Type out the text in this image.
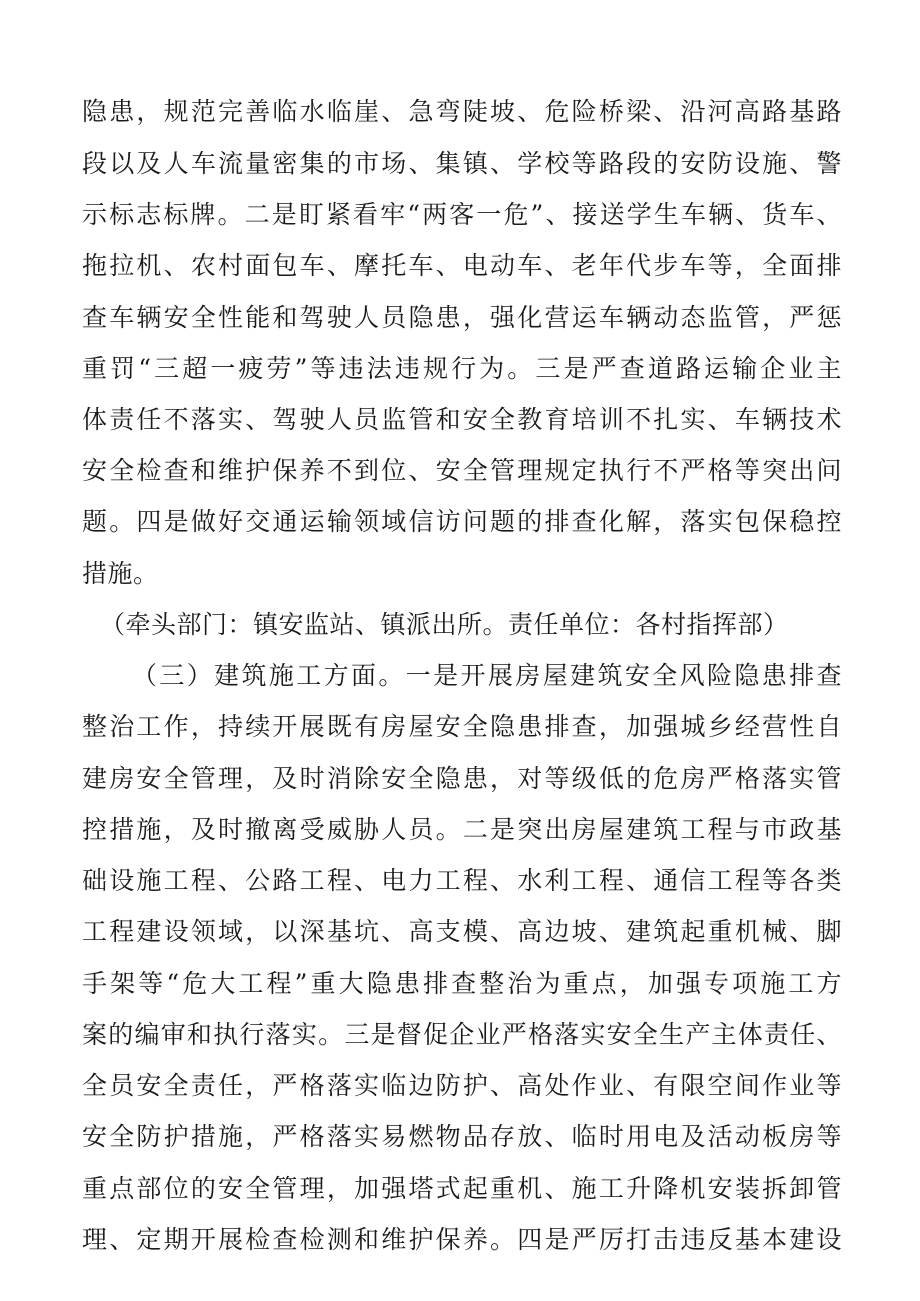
隐患，规范完善临水临崖、急弯陡坡、危险桥梁、沿河高路基路
段以及人车流量密集的市场、集镇、学校等路段的安防设施、警
示标志标牌。二是盯紧看牢“两客一危”、接送学生车辆、货车、
拖拉机、农村面包车、摩托车、电动车、老年代步车等，全面排
查车辆安全性能和驾驶人员隐患，强化营运车辆动态监管，严惩
重罚“三超一疲劳”等违法违规行为。三是严查道路运输企业主
体责任不落实、驾驶人员监管和安全教育培训不扎实、车辆技术
安全检查和维护保养不到位、安全管理规定执行不严格等突出问
题。四是做好交通运输领域信访问题的排查化解，落实包保稳控
措施。
（牵头部门：镇安监站、镇派出所。责任单位：各村指挥部）
（三）建筑施工方面。一是开展房屋建筑安全风险隐患排查
整治工作，持续开展既有房屋安全隐患排查，加强城乡经营性自
建房安全管理，及时消除安全隐患，对等级低的危房严格落实管
控措施，及时撤离受威胁人员。二是突出房屋建筑工程与市政基
础设施工程、公路工程、电力工程、水利工程、通信工程等各类
工程建设领域，以深基坑、高支模、高边坡、建筑起重机械、脚
手架等“危大工程”重大隐患排查整治为重点，加强专项施工方
案的编审和执行落实。三是督促企业严格落实安全生产主体责任、
全员安全责任，严格落实临边防护、高处作业、有限空间作业等
安全防护措施，严格落实易燃物品存放、临时用电及活动板房等
重点部位的安全管理，加强塔式起重机、施工升降机安装拆卸管
理、定期开展检查检测和维护保养。四是严厉打击违反基本建设
